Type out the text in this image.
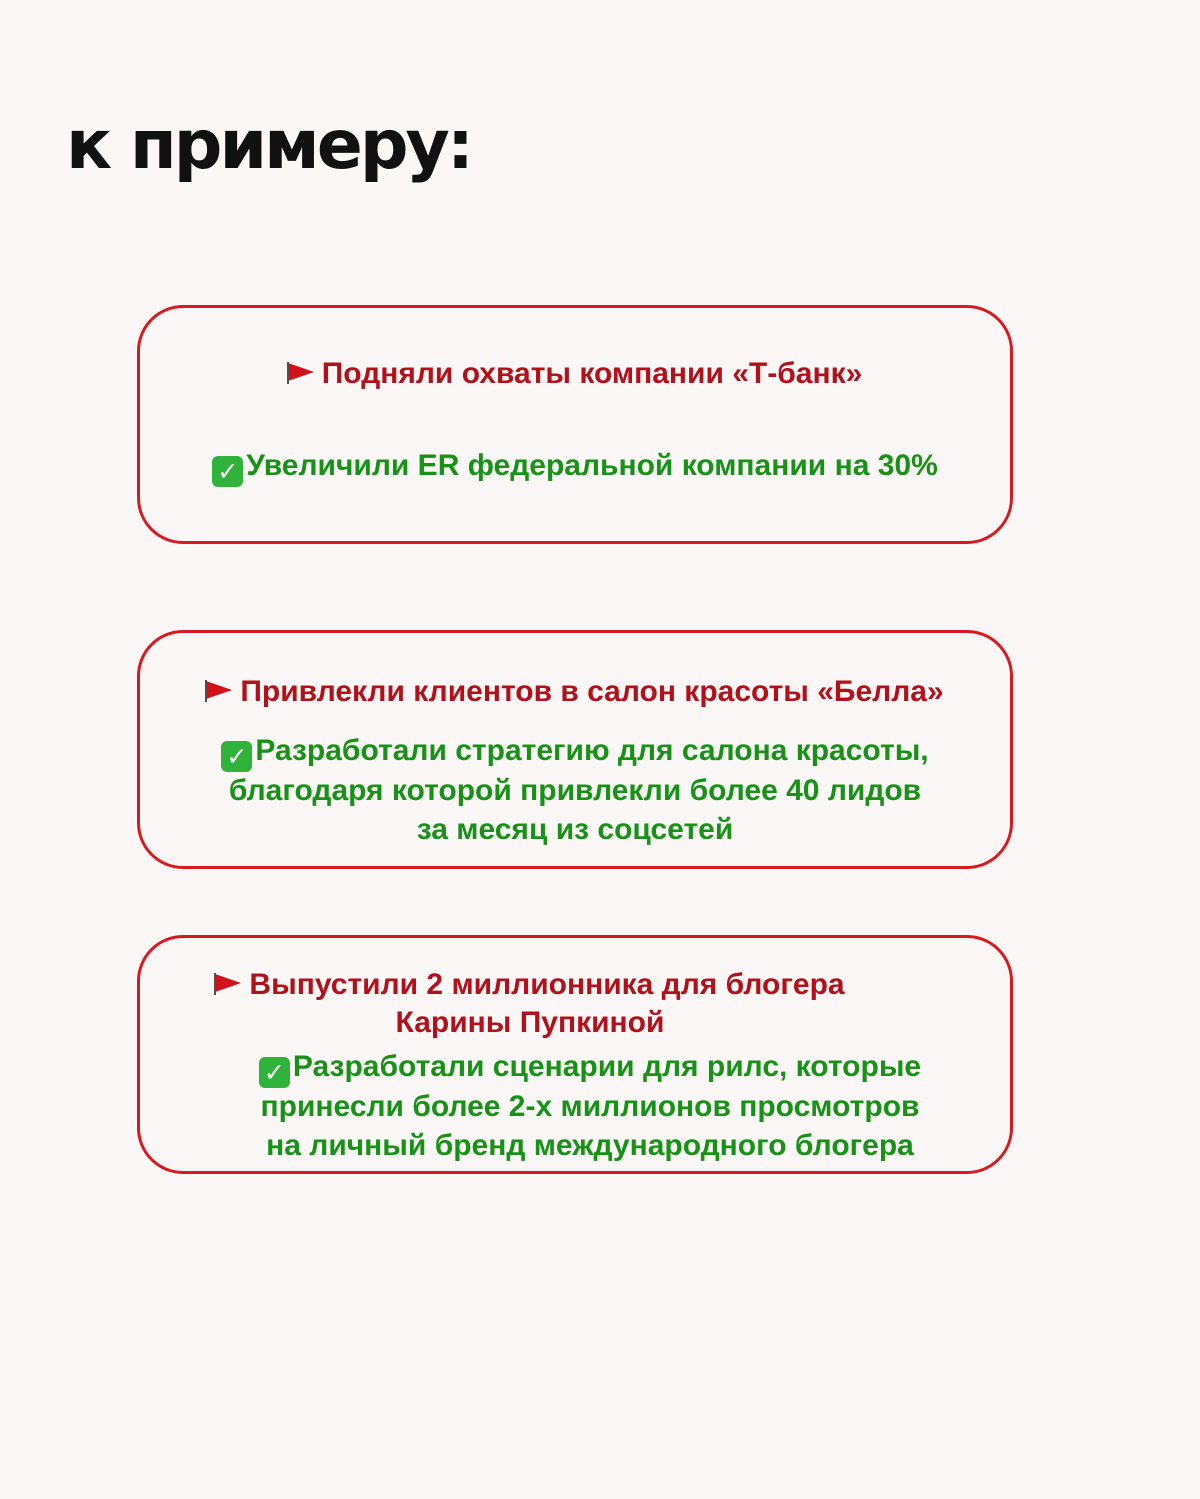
к примеру:
Подняли охваты компании «Т-банк»
✓ Увеличили ER федеральной компании на 30%
Привлекли клиентов в салон красоты «Белла»
✓ Разработали стратегию для салона красоты,
благодаря которой привлекли более 40 лидов
за месяц из соцсетей
Выпустили 2 миллионника для блогера Карины Пупкиной
✓ Разработали сценарии для рилс, которые принесли более 2-х миллионов просмотров на личный бренд международного блогера
